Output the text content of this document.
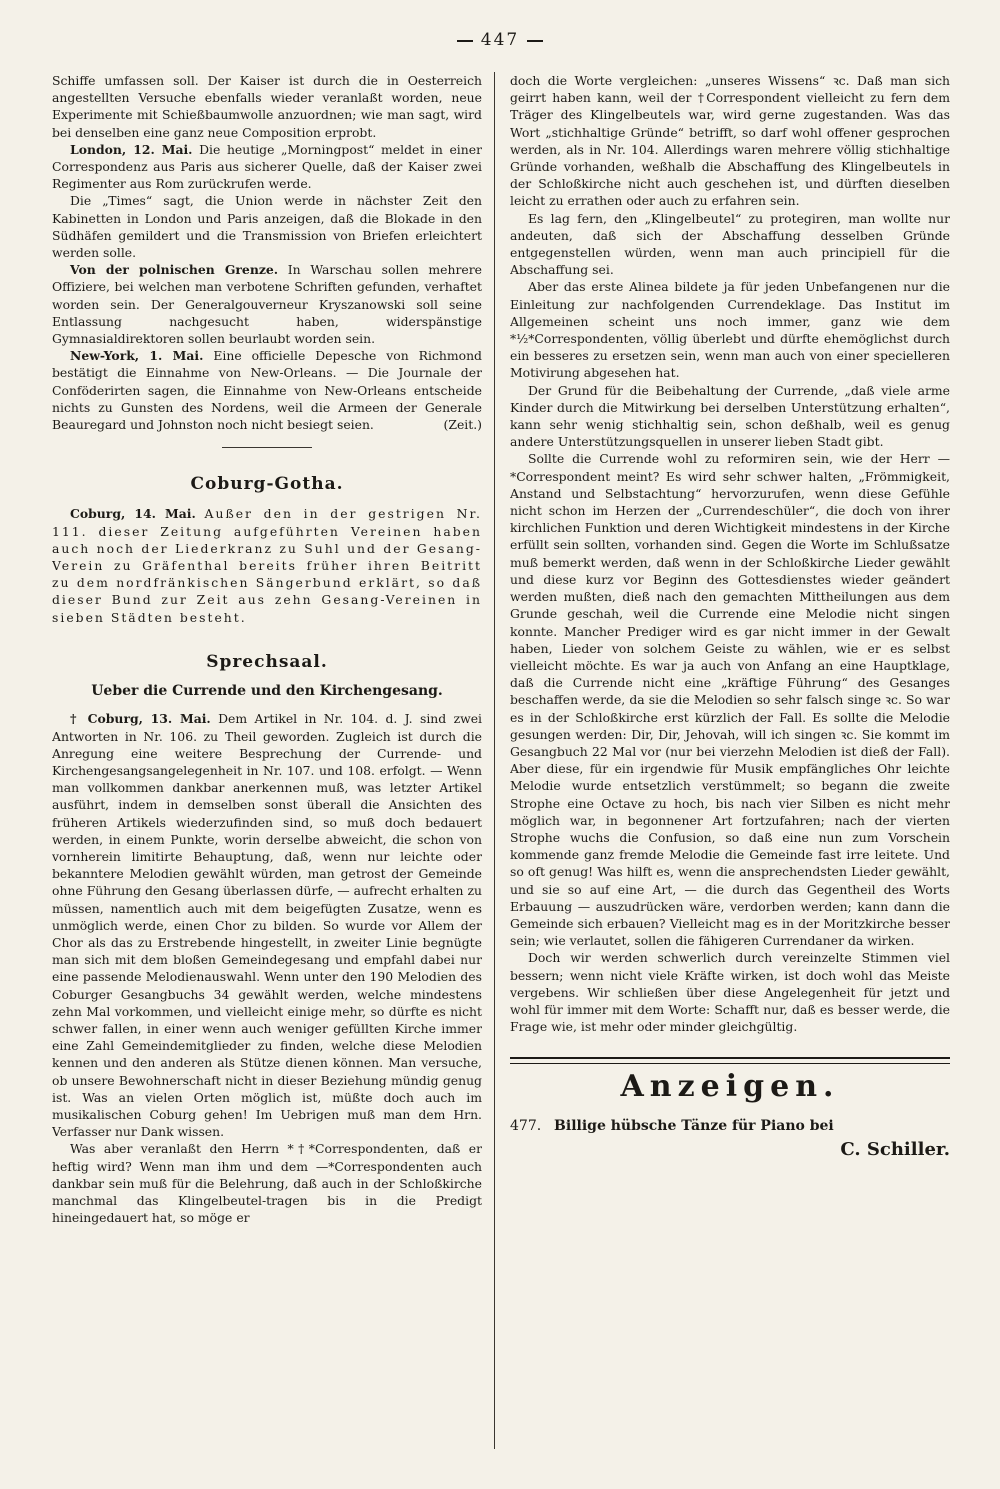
447

Schiffe umfassen soll. Der Kaiser ist durch die in Oesterreich angestellten Versuche ebenfalls wieder veranlaßt worden, neue Experimente mit Schießbaumwolle anzuordnen; wie man sagt, wird bei denselben eine ganz neue Composition erprobt.

London, 12. Mai. Die heutige „Morningpost“ meldet in einer Correspondenz aus Paris aus sicherer Quelle, daß der Kaiser zwei Regimenter aus Rom zurückrufen werde.

Die „Times“ sagt, die Union werde in nächster Zeit den Kabinetten in London und Paris anzeigen, daß die Blokade in den Südhäfen gemildert und die Transmission von Briefen erleichtert werden solle.

Von der polnischen Grenze. In Warschau sollen mehrere Offiziere, bei welchen man verbotene Schriften gefunden, verhaftet worden sein. Der Generalgouverneur Kryszanowski soll seine Entlassung nachgesucht haben, widerspänstige Gymnasialdirektoren sollen beurlaubt worden sein.

New-York, 1. Mai. Eine officielle Depesche von Richmond bestätigt die Einnahme von New-Orleans. — Die Journale der Conföderirten sagen, die Einnahme von New-Orleans entscheide nichts zu Gunsten des Nordens, weil die Armeen der Generale Beauregard und Johnston noch nicht besiegt seien.	(Zeit.)

Coburg-Gotha.

Coburg, 14. Mai. Außer den in der gestrigen Nr. 111. dieser Zeitung aufgeführten Vereinen haben auch noch der Liederkranz zu Suhl und der Gesang-Verein zu Gräfenthal bereits früher ihren Beitritt zu dem nordfränkischen Sängerbund erklärt, so daß dieser Bund zur Zeit aus zehn Gesang-Vereinen in sieben Städten besteht.

Sprechsaal.
Ueber die Currende und den Kirchengesang.

† Coburg, 13. Mai. Dem Artikel in Nr. 104. d. J. sind zwei Antworten in Nr. 106. zu Theil geworden. Zugleich ist durch die Anregung eine weitere Besprechung der Currende- und Kirchengesangsangelegenheit in Nr. 107. und 108. erfolgt. — Wenn man vollkommen dankbar anerkennen muß, was letzter Artikel ausführt, indem in demselben sonst überall die Ansichten des früheren Artikels wiederzufinden sind, so muß doch bedauert werden, in einem Punkte, worin derselbe abweicht, die schon von vornherein limitirte Behauptung, daß, wenn nur leichte oder bekanntere Melodien gewählt würden, man getrost der Gemeinde ohne Führung den Gesang überlassen dürfe, — aufrecht erhalten zu müssen, namentlich auch mit dem beigefügten Zusatze, wenn es unmöglich werde, einen Chor zu bilden. So wurde vor Allem der Chor als das zu Erstrebende hingestellt, in zweiter Linie begnügte man sich mit dem bloßen Gemeindegesang und empfahl dabei nur eine passende Melodienauswahl. Wenn unter den 190 Melodien des Coburger Gesangbuchs 34 gewählt werden, welche mindestens zehn Mal vorkommen, und vielleicht einige mehr, so dürfte es nicht schwer fallen, in einer wenn auch weniger gefüllten Kirche immer eine Zahl Gemeindemitglieder zu finden, welche diese Melodien kennen und den anderen als Stütze dienen können. Man versuche, ob unsere Bewohnerschaft nicht in dieser Beziehung mündig genug ist. Was an vielen Orten möglich ist, müßte doch auch im musikalischen Coburg gehen! Im Uebrigen muß man dem Hrn. Verfasser nur Dank wissen.

Was aber veranlaßt den Herrn *†*Correspondenten, daß er heftig wird? Wenn man ihm und dem —*Correspondenten auch dankbar sein muß für die Belehrung, daß auch in der Schloßkirche manchmal das Klingelbeutel-tragen bis in die Predigt hineingedauert hat, so möge er

doch die Worte vergleichen: „unseres Wissens“ ꝛc. Daß man sich geirrt haben kann, weil der †Correspondent vielleicht zu fern dem Träger des Klingelbeutels war, wird gerne zugestanden. Was das Wort „stichhaltige Gründe“ betrifft, so darf wohl offener gesprochen werden, als in Nr. 104. Allerdings waren mehrere völlig stichhaltige Gründe vorhanden, weßhalb die Abschaffung des Klingelbeutels in der Schloßkirche nicht auch geschehen ist, und dürften dieselben leicht zu errathen oder auch zu erfahren sein.

Es lag fern, den „Klingelbeutel“ zu protegiren, man wollte nur andeuten, daß sich der Abschaffung desselben Gründe entgegenstellen würden, wenn man auch principiell für die Abschaffung sei.

Aber das erste Alinea bildete ja für jeden Unbefangenen nur die Einleitung zur nachfolgenden Currendeklage. Das Institut im Allgemeinen scheint uns noch immer, ganz wie dem *½*Correspondenten, völlig überlebt und dürfte ehemöglichst durch ein besseres zu ersetzen sein, wenn man auch von einer specielleren Motivirung abgesehen hat.

Der Grund für die Beibehaltung der Currende, „daß viele arme Kinder durch die Mitwirkung bei derselben Unterstützung erhalten“, kann sehr wenig stichhaltig sein, schon deßhalb, weil es genug andere Unterstützungsquellen in unserer lieben Stadt gibt.

Sollte die Currende wohl zu reformiren sein, wie der Herr —*Correspondent meint? Es wird sehr schwer halten, „Frömmigkeit, Anstand und Selbstachtung“ hervorzurufen, wenn diese Gefühle nicht schon im Herzen der „Currendeschüler“, die doch von ihrer kirchlichen Funktion und deren Wichtigkeit mindestens in der Kirche erfüllt sein sollten, vorhanden sind. Gegen die Worte im Schlußsatze muß bemerkt werden, daß wenn in der Schloßkirche Lieder gewählt und diese kurz vor Beginn des Gottesdienstes wieder geändert werden mußten, dieß nach den gemachten Mittheilungen aus dem Grunde geschah, weil die Currende eine Melodie nicht singen konnte. Mancher Prediger wird es gar nicht immer in der Gewalt haben, Lieder von solchem Geiste zu wählen, wie er es selbst vielleicht möchte. Es war ja auch von Anfang an eine Hauptklage, daß die Currende nicht eine „kräftige Führung“ des Gesanges beschaffen werde, da sie die Melodien so sehr falsch singe ꝛc. So war es in der Schloßkirche erst kürzlich der Fall. Es sollte die Melodie gesungen werden: Dir, Dir, Jehovah, will ich singen ꝛc. Sie kommt im Gesangbuch 22 Mal vor (nur bei vierzehn Melodien ist dieß der Fall). Aber diese, für ein irgendwie für Musik empfängliches Ohr leichte Melodie wurde entsetzlich verstümmelt; so begann die zweite Strophe eine Octave zu hoch, bis nach vier Silben es nicht mehr möglich war, in begonnener Art fortzufahren; nach der vierten Strophe wuchs die Confusion, so daß eine nun zum Vorschein kommende ganz fremde Melodie die Gemeinde fast irre leitete. Und so oft genug! Was hilft es, wenn die ansprechendsten Lieder gewählt, und sie so auf eine Art, — die durch das Gegentheil des Worts Erbauung — auszudrücken wäre, verdorben werden; kann dann die Gemeinde sich erbauen? Vielleicht mag es in der Moritzkirche besser sein; wie verlautet, sollen die fähigeren Currendaner da wirken.

Doch wir werden schwerlich durch vereinzelte Stimmen viel bessern; wenn nicht viele Kräfte wirken, ist doch wohl das Meiste vergebens. Wir schließen über diese Angelegenheit für jetzt und wohl für immer mit dem Worte: Schafft nur, daß es besser werde, die Frage wie, ist mehr oder minder gleichgültig.

Anzeigen.

477. Billige hübsche Tänze für Piano bei

C. Schiller.
